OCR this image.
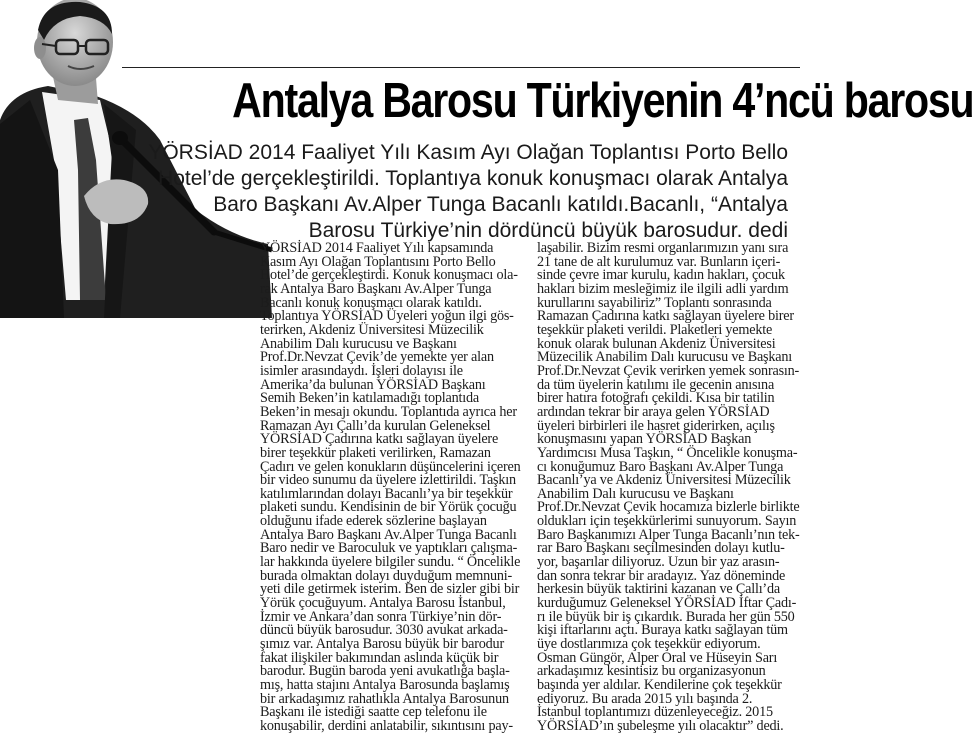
Antalya Barosu Türkiyenin 4’ncü barosu
YÖRSİAD 2014 Faaliyet Yılı Kasım Ayı Olağan Toplantısı Porto Bello
Hotel’de gerçekleştirildi. Toplantıya konuk konuşmacı olarak Antalya
Baro Başkanı Av.Alper Tunga Bacanlı katıldı.Bacanlı, “Antalya
Barosu Türkiye’nin dördüncü büyük barosudur. dedi
YÖRSİAD 2014 Faaliyet Yılı kapsamında
Kasım Ayı Olağan Toplantısını Porto Bello
Hotel’de gerçekleştirdi. Konuk konuşmacı ola-
rak Antalya Baro Başkanı Av.Alper Tunga
Bacanlı konuk konuşmacı olarak katıldı.
Toplantıya YÖRSİAD Üyeleri yoğun ilgi gös-
terirken, Akdeniz Üniversitesi Müzecilik
Anabilim Dalı kurucusu ve Başkanı
Prof.Dr.Nevzat Çevik’de yemekte yer alan
isimler arasındaydı. İşleri dolayısı ile
Amerika’da bulunan YÖRSİAD Başkanı
Semih Beken’in katılamadığı toplantıda
Beken’in mesajı okundu. Toplantıda ayrıca her
Ramazan Ayı Çallı’da kurulan Geleneksel
YÖRSİAD Çadırına katkı sağlayan üyelere
birer teşekkür plaketi verilirken, Ramazan
Çadırı ve gelen konukların düşüncelerini içeren
bir video sunumu da üyelere izlettirildi. Taşkın
katılımlarından dolayı Bacanlı’ya bir teşekkür
plaketi sundu. Kendisinin de bir Yörük çocuğu
olduğunu ifade ederek sözlerine başlayan
Antalya Baro Başkanı Av.Alper Tunga Bacanlı
Baro nedir ve Baroculuk ve yaptıkları çalışma-
lar hakkında üyelere bilgiler sundu. “ Öncelikle
burada olmaktan dolayı duyduğum memnuni-
yeti dile getirmek isterim. Ben de sizler gibi bir
Yörük çocuğuyum. Antalya Barosu İstanbul,
İzmir ve Ankara’dan sonra Türkiye’nin dör-
düncü büyük barosudur. 3030 avukat arkada-
şımız var. Antalya Barosu büyük bir barodur
fakat ilişkiler bakımından aslında küçük bir
barodur. Bugün baroda yeni avukatlığa başla-
mış, hatta stajını Antalya Barosunda başlamış
bir arkadaşımız rahatlıkla Antalya Barosunun
Başkanı ile istediği saatte cep telefonu ile
konuşabilir, derdini anlatabilir, sıkıntısını pay-
laşabilir. Bizim resmi organlarımızın yanı sıra
21 tane de alt kurulumuz var. Bunların içeri-
sinde çevre imar kurulu, kadın hakları, çocuk
hakları bizim mesleğimiz ile ilgili adli yardım
kurullarını sayabiliriz” Toplantı sonrasında
Ramazan Çadırına katkı sağlayan üyelere birer
teşekkür plaketi verildi. Plaketleri yemekte
konuk olarak bulunan Akdeniz Üniversitesi
Müzecilik Anabilim Dalı kurucusu ve Başkanı
Prof.Dr.Nevzat Çevik verirken yemek sonrasın-
da tüm üyelerin katılımı ile gecenin anısına
birer hatıra fotoğrafı çekildi. Kısa bir tatilin
ardından tekrar bir araya gelen YÖRSİAD
üyeleri birbirleri ile hasret giderirken, açılış
konuşmasını yapan YÖRSİAD Başkan
Yardımcısı Musa Taşkın, “ Öncelikle konuşma-
cı konuğumuz Baro Başkanı Av.Alper Tunga
Bacanlı’ya ve Akdeniz Üniversitesi Müzecilik
Anabilim Dalı kurucusu ve Başkanı
Prof.Dr.Nevzat Çevik hocamıza bizlerle birlikte
oldukları için teşekkürlerimi sunuyorum. Sayın
Baro Başkanımızı Alper Tunga Bacanlı’nın tek-
rar Baro Başkanı seçilmesinden dolayı kutlu-
yor, başarılar diliyoruz. Uzun bir yaz arasın-
dan sonra tekrar bir aradayız. Yaz döneminde
herkesin büyük taktirini kazanan ve Çallı’da
kurduğumuz Geleneksel YÖRSİAD İftar Çadı-
rı ile büyük bir iş çıkardık. Burada her gün 550
kişi iftarlarını açtı. Buraya katkı sağlayan tüm
üye dostlarımıza çok teşekkür ediyorum.
Osman Güngör, Alper Oral ve Hüseyin Sarı
arkadaşımız kesintisiz bu organizasyonun
başında yer aldılar. Kendilerine çok teşekkür
ediyoruz. Bu arada 2015 yılı başında 2.
İstanbul toplantımızı düzenleyeceğiz. 2015
YÖRSİAD’ın şubeleşme yılı olacaktır” dedi.
